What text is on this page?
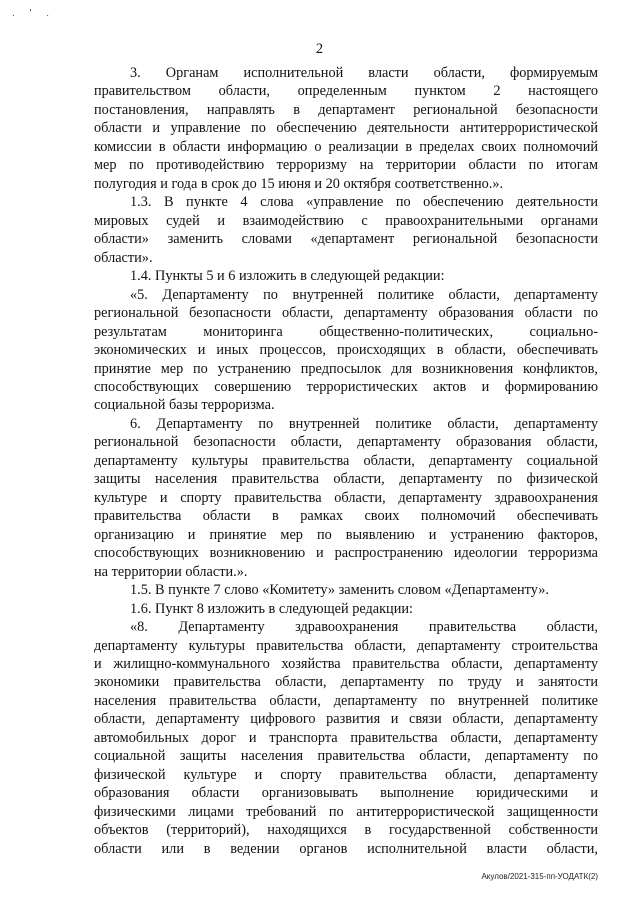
. ' .
2
3. Органам исполнительной власти области, формируемым
правительством области, определенным пунктом 2 настоящего
постановления, направлять в департамент региональной безопасности
области и управление по обеспечению деятельности антитеррористической
комиссии в области информацию о реализации в пределах своих полномочий
мер по противодействию терроризму на территории области по итогам
полугодия и года в срок до 15 июня и 20 октября соответственно.».
1.3. В пункте 4 слова «управление по обеспечению деятельности
мировых судей и взаимодействию с правоохранительными органами
области» заменить словами «департамент региональной безопасности
области».
1.4. Пункты 5 и 6 изложить в следующей редакции:
«5. Департаменту по внутренней политике области, департаменту
региональной безопасности области, департаменту образования области по
результатам мониторинга общественно-политических, социально-
экономических и иных процессов, происходящих в области, обеспечивать
принятие мер по устранению предпосылок для возникновения конфликтов,
способствующих совершению террористических актов и формированию
социальной базы терроризма.
6. Департаменту по внутренней политике области, департаменту
региональной безопасности области, департаменту образования области,
департаменту культуры правительства области, департаменту социальной
защиты населения правительства области, департаменту по физической
культуре и спорту правительства области, департаменту здравоохранения
правительства области в рамках своих полномочий обеспечивать
организацию и принятие мер по выявлению и устранению факторов,
способствующих возникновению и распространению идеологии терроризма
на территории области.».
1.5. В пункте 7 слово «Комитету» заменить словом «Департаменту».
1.6. Пункт 8 изложить в следующей редакции:
«8. Департаменту здравоохранения правительства области,
департаменту культуры правительства области, департаменту строительства
и жилищно-коммунального хозяйства правительства области, департаменту
экономики правительства области, департаменту по труду и занятости
населения правительства области, департаменту по внутренней политике
области, департаменту цифрового развития и связи области, департаменту
автомобильных дорог и транспорта правительства области, департаменту
социальной защиты населения правительства области, департаменту по
физической культуре и спорту правительства области, департаменту
образования области организовывать выполнение юридическими и
физическими лицами требований по антитеррористической защищенности
объектов (территорий), находящихся в государственной собственности
области или в ведении органов исполнительной власти области,
Акулов/2021-315-пп-УОДАТК(2)
